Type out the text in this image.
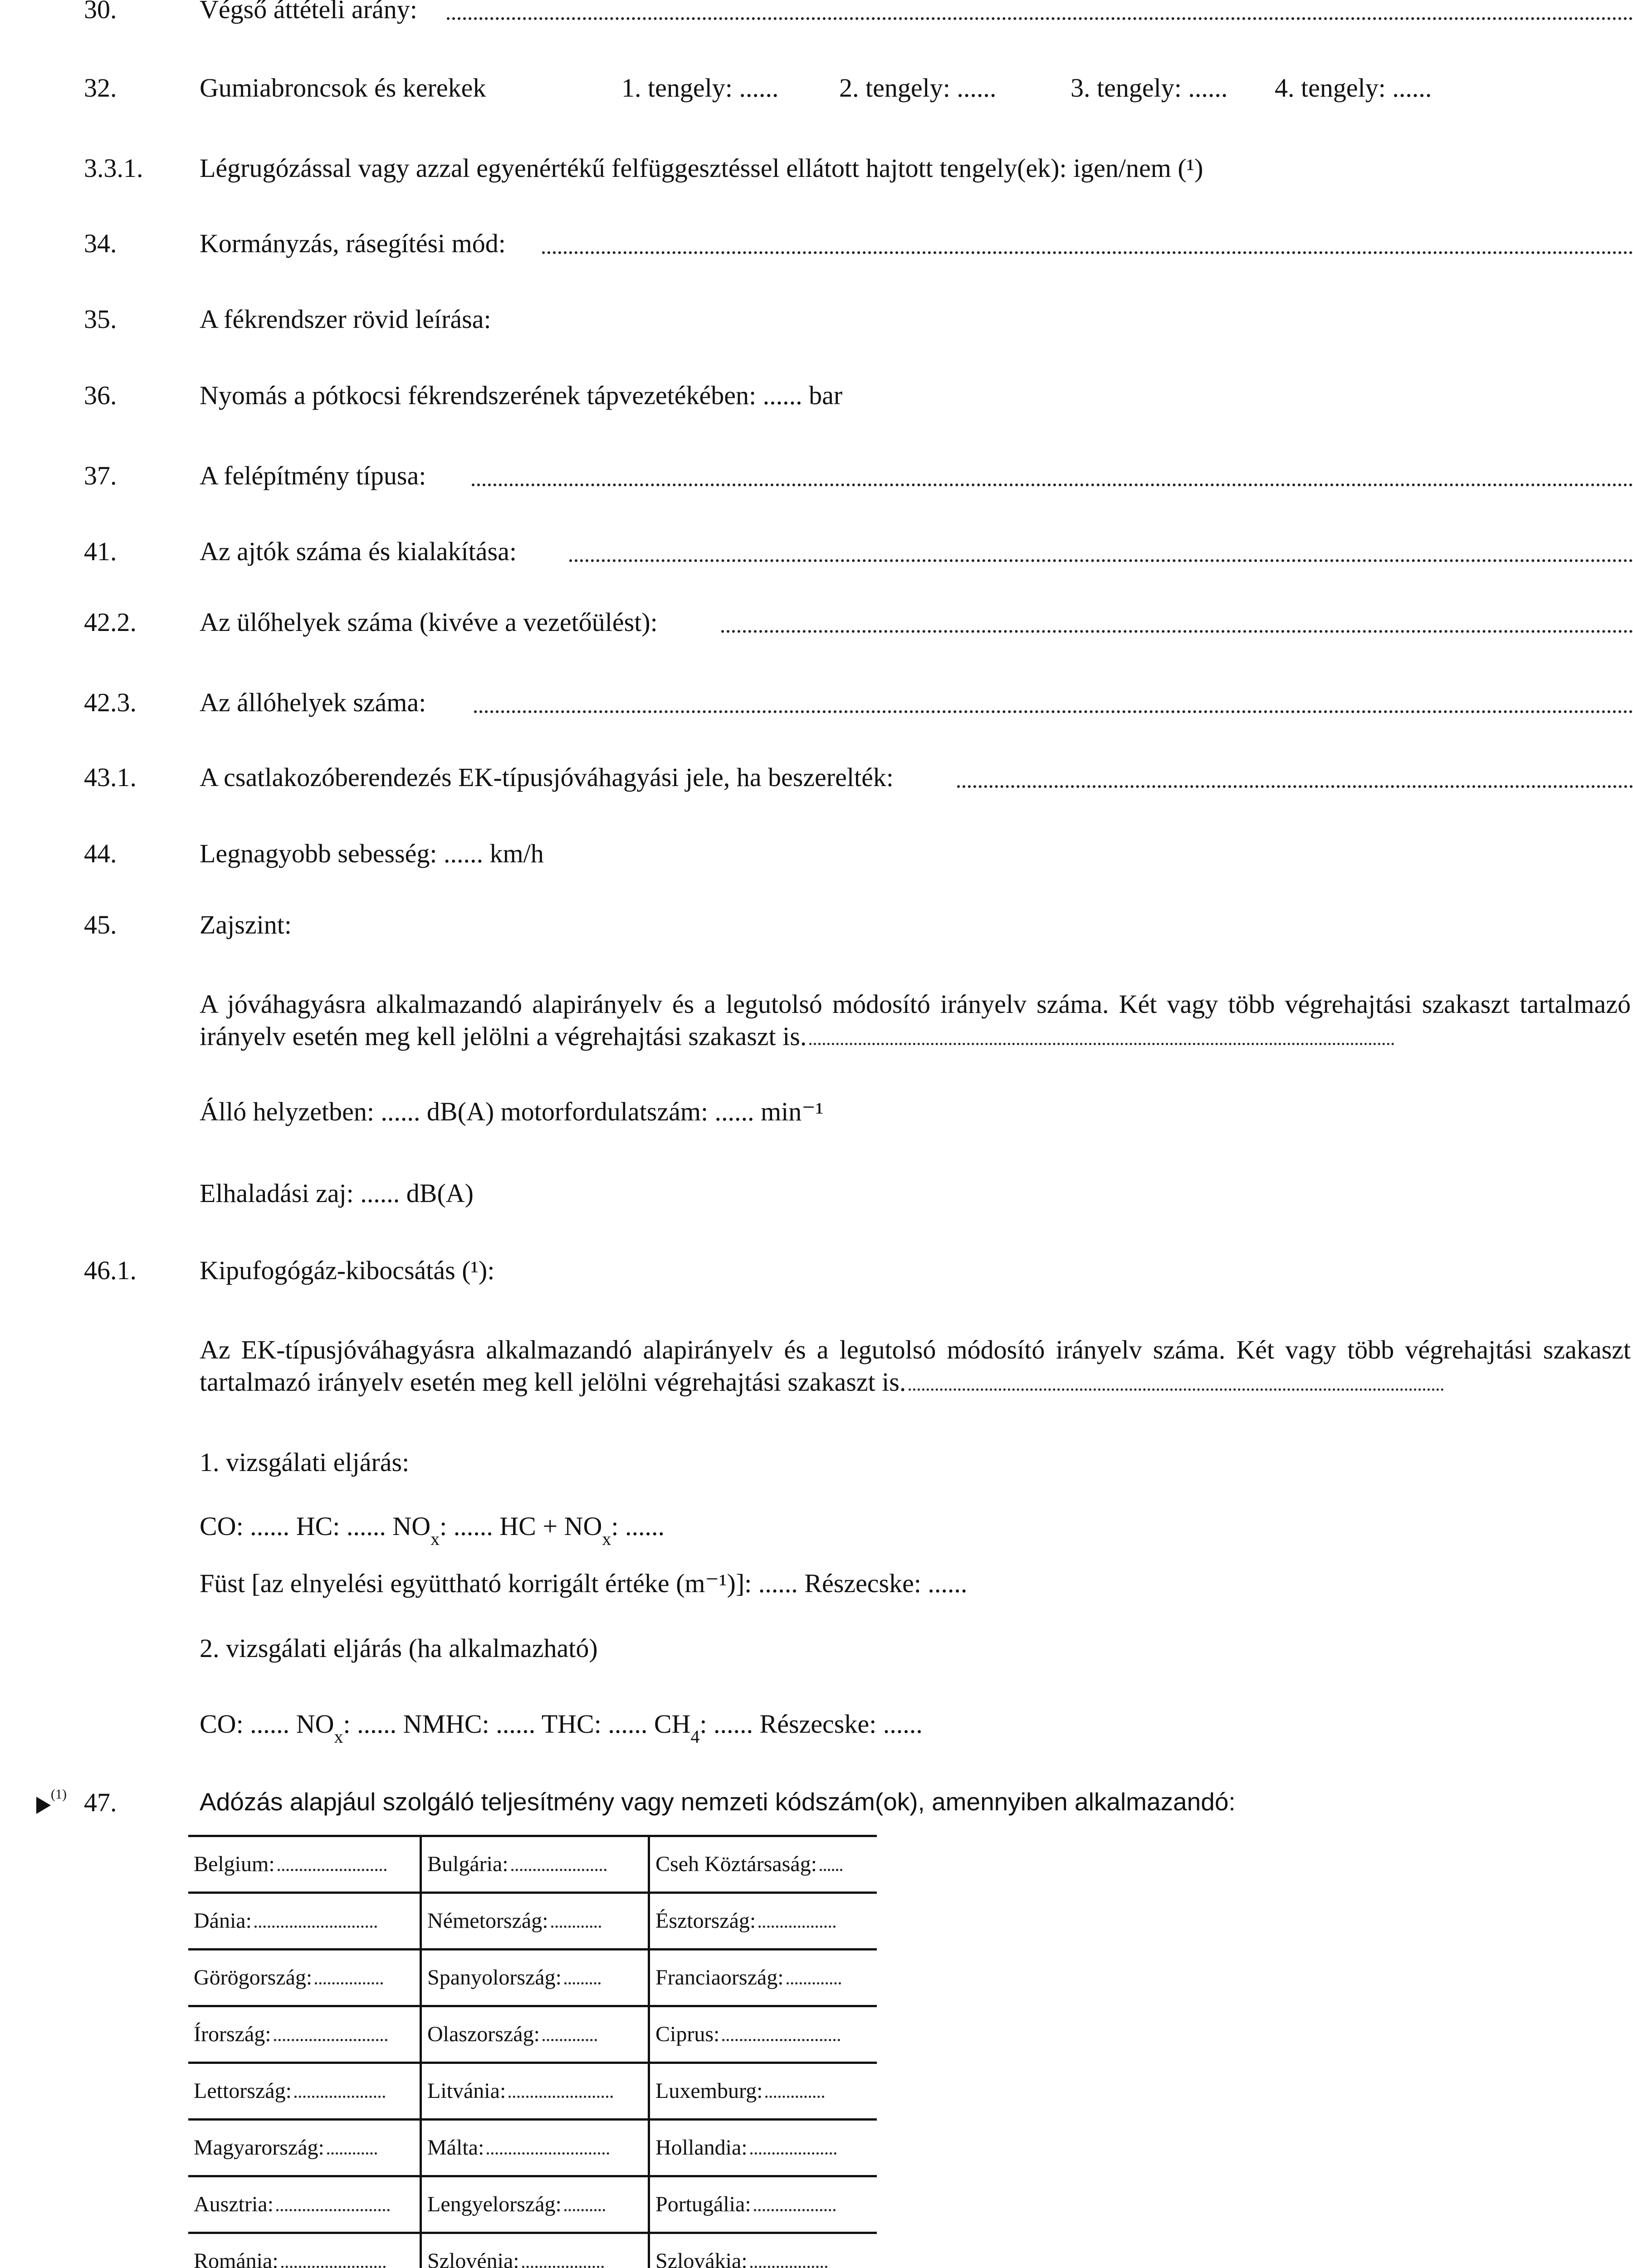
30.	Végső áttételi arány:
32.	Gumiabroncsok és kerekek	1. tengely: ...... 2. tengely: ......	3. tengely: ...... 4. tengely: ......
3.3.1. Légrugózással vagy azzal egyenértékű felfüggesztéssel ellátott hajtott tengely(ek): igen/nem (¹)
34.	Kormányzás, rásegítési mód:
35.	A fékrendszer rövid leírása:
36.	Nyomás a pótkocsi fékrendszerének tápvezetékében: ...... bar
37.	A felépítmény típusa:
41.	Az ajtók száma és kialakítása:
42.2. Az ülőhelyek száma (kivéve a vezetőülést):
42.3. Az állóhelyek száma:
43.1. A csatlakozóberendezés EK-típusjóváhagyási jele, ha beszerelték:
44.	Legnagyobb sebesség: ...... km/h
45.	Zajszint:
A jóváhagyásra alkalmazandó alapirányelv és a legutolsó módosító irányelv száma. Két vagy több végrehajtási szakaszt tartalmazó irányelv esetén meg kell jelölni a végrehajtási szakaszt is.
Álló helyzetben: ...... dB(A) motorfordulatszám: ...... min⁻¹
Elhaladási zaj: ...... dB(A)
46.1. Kipufogógáz-kibocsátás (¹):
Az EK-típusjóváhagyásra alkalmazandó alapirányelv és a legutolsó módosító irányelv száma. Két vagy több végrehajtási szakaszt tartalmazó irányelv esetén meg kell jelölni végrehajtási szakaszt is.
1. vizsgálati eljárás:
CO: ...... HC: ...... $NO_x$: ...... HC + $NO_x$: ......
Füst [az elnyelési együttható korrigált értéke (m⁻¹)]: ...... Részecske: ......
2. vizsgálati eljárás (ha alkalmazható)
CO: ...... $NO_x$: ...... NMHC: ...... THC: ...... $CH_4$: ...... Részecske: ......
$^{(1)}$ 47.	Adózás alapjául szolgáló teljesítmény vagy nemzeti kódszám(ok), amennyiben alkalmazandó:
Belgium:	Bulgária:	Cseh Köztársaság:
Dánia:	Németország:	Észtország:
Görögország:	Spanyolország:	Franciaország:
Írország:	Olaszország:	Ciprus:
Lettország:	Litvánia:	Luxemburg:
Magyarország:	Málta:	Hollandia:
Ausztria:	Lengyelország:	Portugália:
Románia:	Szlovénia:	Szlovákia:
